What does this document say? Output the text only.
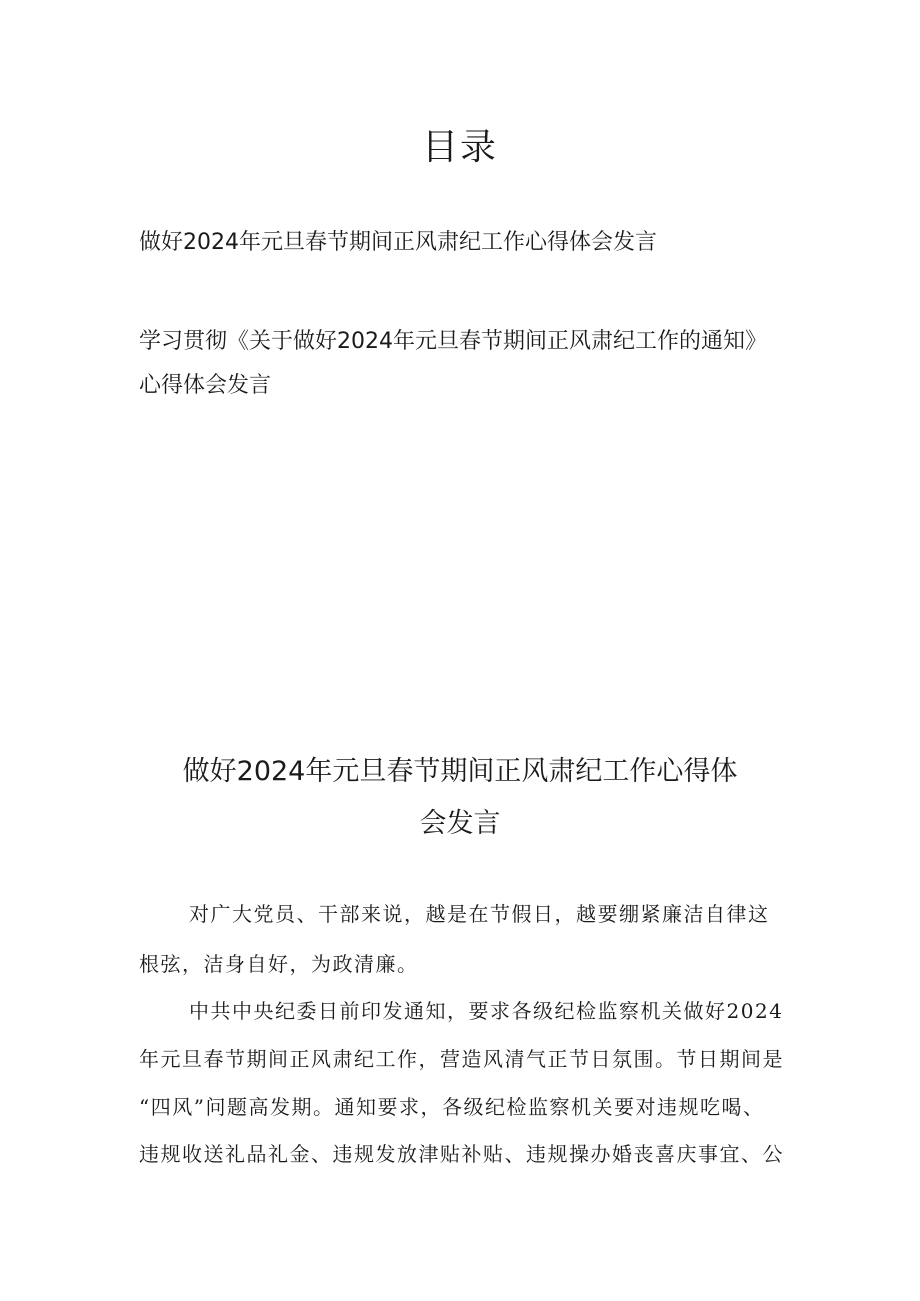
目录
做好2024年元旦春节期间正风肃纪工作心得体会发言
学习贯彻《关于做好2024年元旦春节期间正风肃纪工作的通知》
心得体会发言
做好2024年元旦春节期间正风肃纪工作心得体
会发言
对广大党员、干部来说，越是在节假日，越要绷紧廉洁自律这
根弦，洁身自好，为政清廉。
中共中央纪委日前印发通知，要求各级纪检监察机关做好2024
年元旦春节期间正风肃纪工作，营造风清气正节日氛围。节日期间是
“四风”问题高发期。通知要求，各级纪检监察机关要对违规吃喝、
违规收送礼品礼金、违规发放津贴补贴、违规操办婚丧喜庆事宜、公
